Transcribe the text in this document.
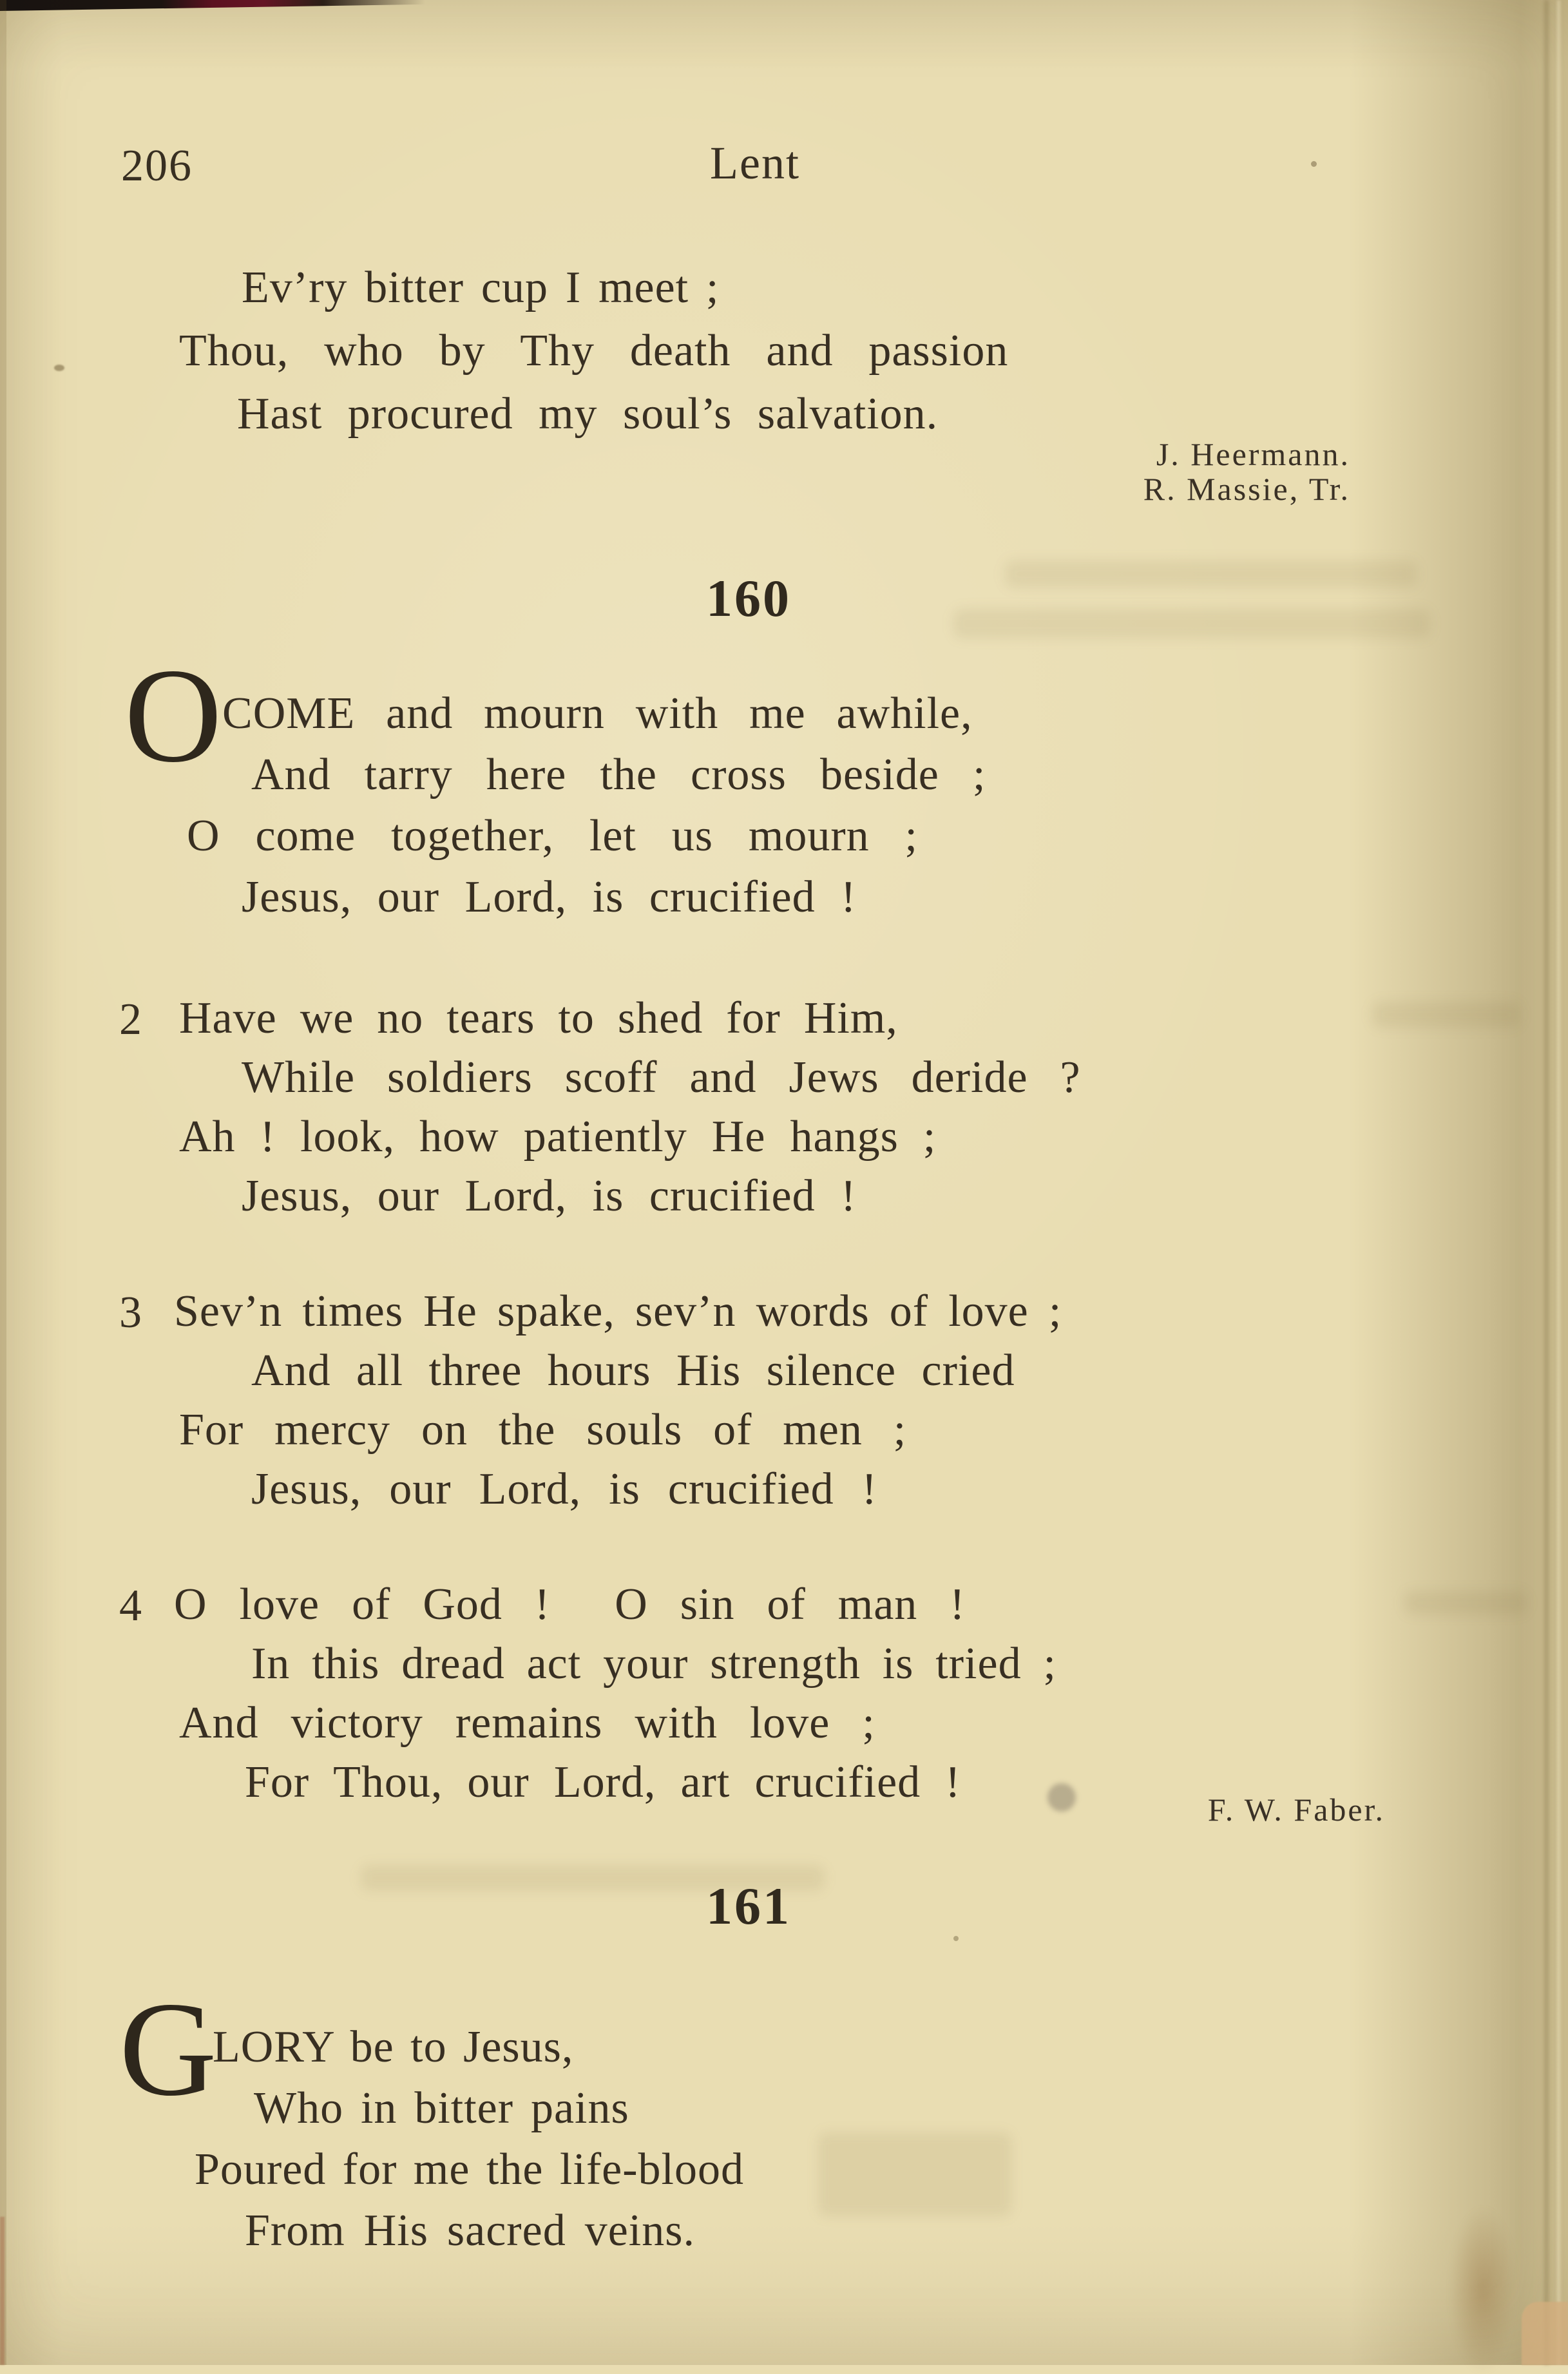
206	Lent
Ev’ry bitter cup I meet ;
Thou, who by Thy death and passion
Hast procured my soul’s salvation.
J. Heermann.
R. Massie, Tr.
160
O COME and mourn with me awhile,
And tarry here the cross beside ;
O come together, let us mourn ;
Jesus, our Lord, is crucified !
2 Have we no tears to shed for Him,
While soldiers scoff and Jews deride ?
Ah ! look, how patiently He hangs ;
Jesus, our Lord, is crucified !
3 Sev’n times He spake, sev’n words of love ;
And all three hours His silence cried
For mercy on the souls of men ;
Jesus, our Lord, is crucified !
4 O love of God !  O sin of man !
In this dread act your strength is tried ;
And victory remains with love ;
For Thou, our Lord, art crucified !
F. W. Faber.
161
G
LORY be to Jesus,
Who in bitter pains
Poured for me the life-blood
From His sacred veins.
